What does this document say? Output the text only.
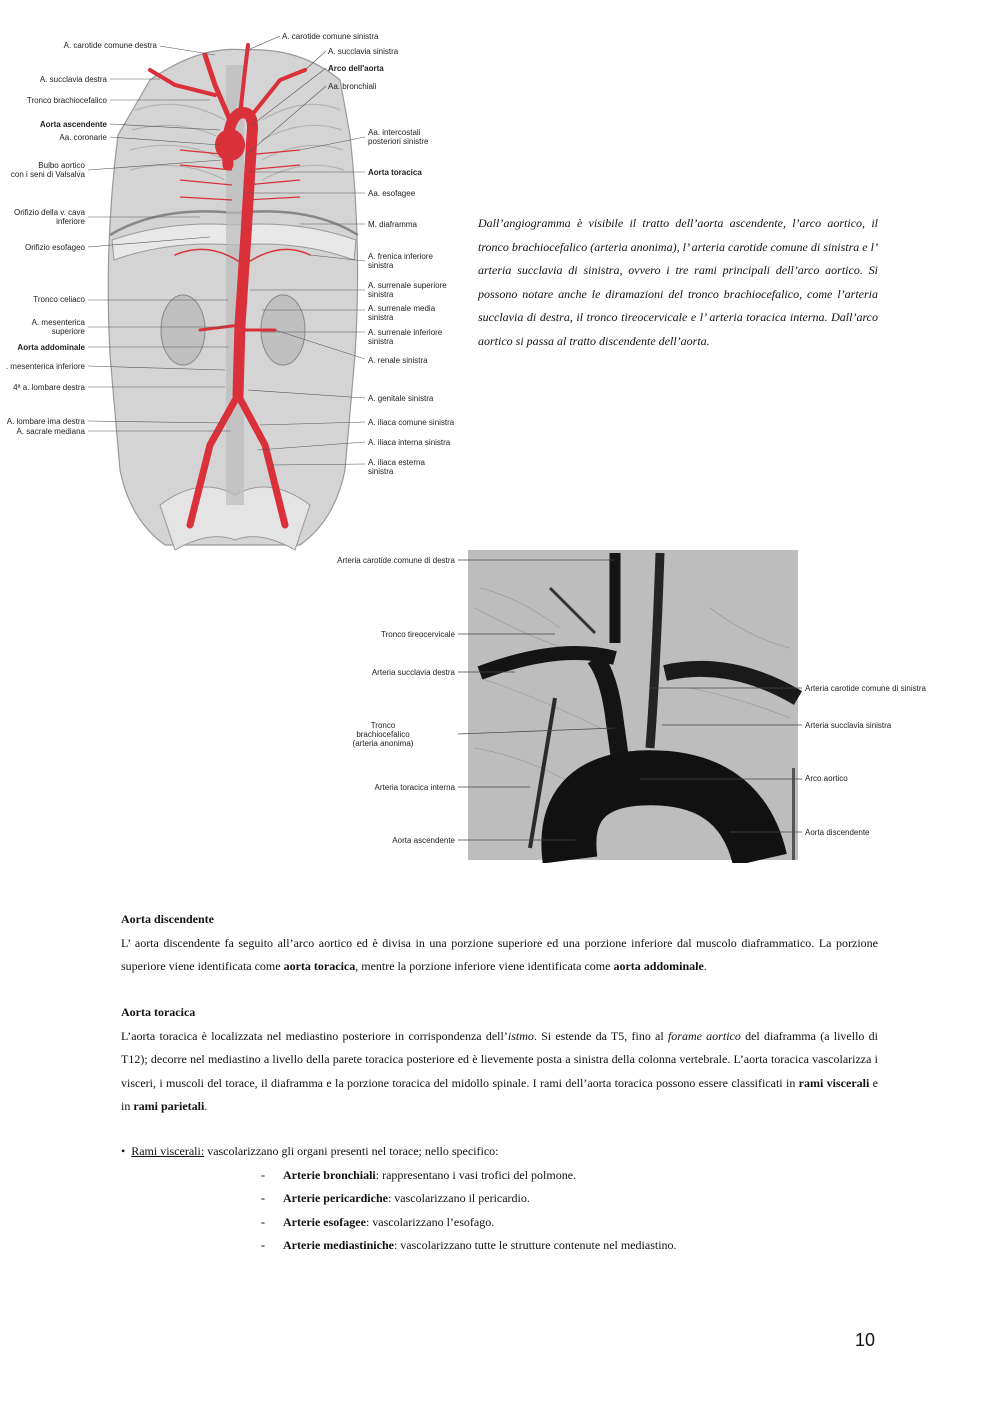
A. carotide comune destra
A. succlavia destra
Tronco brachiocefalico
Aorta ascendente
Aa. coronarie
Bulbo aortico
con i seni di Valsalva
Orifizio della v. cava
inferiore
Orifizio esofageo
Tronco celiaco
A. mesenterica
superiore
Aorta addominale
. mesenterica inferiore
4ª a. lombare destra
A. lombare ima destra
A. sacrale mediana
A. carotide comune sinistra
A. succlavia sinistra
Arco dell'aorta
Aa. bronchiali
Aa. intercostali
posteriori sinistre
Aorta toracica
Aa. esofagee
M. diaframma
A. frenica inferiore
sinistra
A. surrenale superiore
sinistra
A. surrenale media
sinistra
A. surrenale inferiore
sinistra
A. renale sinistra
A. genitale sinistra
A. iliaca comune sinistra
A. iliaca interna sinistra
A. iliaca esterna
sinistra
Dall’angiogramma è visibile il tratto dell’aorta ascendente, l’arco aortico, il tronco brachiocefalico (arteria anonima), l’ arteria carotide comune di sinistra e l’ arteria succlavia di sinistra, ovvero i tre rami principali dell’arco aortico. Si possono notare anche le diramazioni del tronco brachiocefalico, come l’arteria succlavia di destra, il tronco tireocervicale e l’ arteria toracica interna. Dall’arco aortico si passa al tratto discendente dell’aorta.
Arteria carotide comune di destra
Tronco tireocervicale
Arteria succlavia destra
Tronco
brachiocefalico
(arteria anonima)
Arteria toracica interna
Aorta ascendente
Arteria carotide comune di sinistra
Arteria succlavia sinistra
Arco aortico
Aorta discendente
Aorta discendente
L’ aorta discendente fa seguito all’arco aortico ed è divisa in una porzione superiore ed una porzione inferiore dal muscolo diaframmatico. La porzione superiore viene identificata come aorta toracica, mentre la porzione inferiore viene identificata come aorta addominale.
Aorta toracica
L’aorta toracica è localizzata nel mediastino posteriore in corrispondenza dell’istmo. Si estende da T5, fino al forame aortico del diaframma (a livello di T12); decorre nel mediastino a livello della parete toracica posteriore ed è lievemente posta a sinistra della colonna vertebrale. L’aorta toracica vascolarizza i visceri, i muscoli del torace, il diaframma e la porzione toracica del midollo spinale. I rami dell’aorta toracica possono essere classificati in rami viscerali e in rami parietali.
• Rami viscerali: vascolarizzano gli organi presenti nel torace; nello specifico:
- Arterie bronchiali: rappresentano i vasi trofici del polmone.
- Arterie pericardiche: vascolarizzano il pericardio.
- Arterie esofagee: vascolarizzano l’esofago.
- Arterie mediastiniche: vascolarizzano tutte le strutture contenute nel mediastino.
10
